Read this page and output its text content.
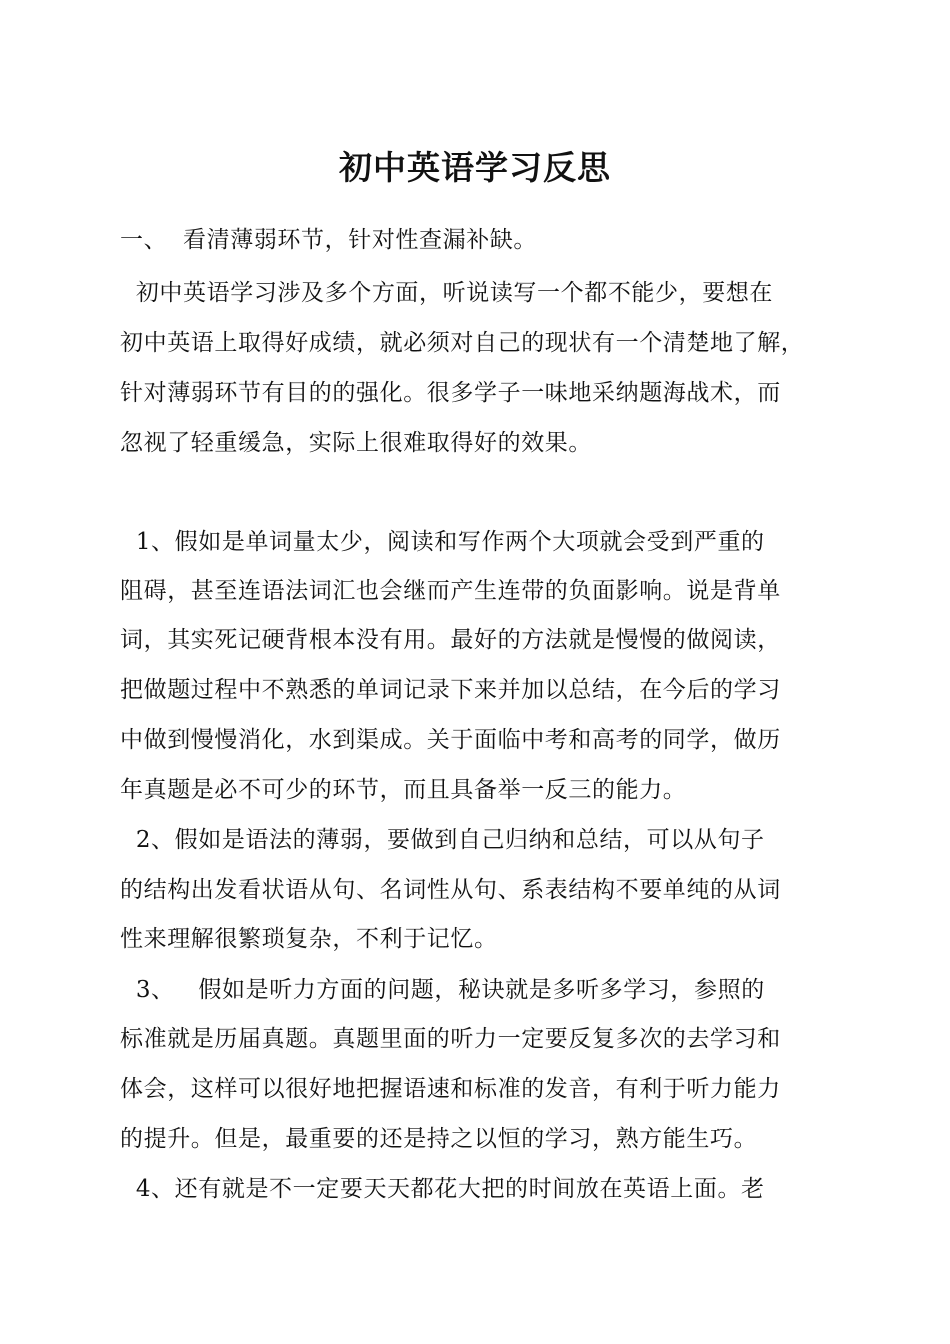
初中英语学习反思
一、  看清薄弱环节，针对性查漏补缺。
初中英语学习涉及多个方面，听说读写一个都不能少，要想在
初中英语上取得好成绩，就必须对自己的现状有一个清楚地了解，
针对薄弱环节有目的的强化。很多学子一味地采纳题海战术，而
忽视了轻重缓急，实际上很难取得好的效果。
1、假如是单词量太少，阅读和写作两个大项就会受到严重的
阻碍，甚至连语法词汇也会继而产生连带的负面影响。说是背单
词，其实死记硬背根本没有用。最好的方法就是慢慢的做阅读，
把做题过程中不熟悉的单词记录下来并加以总结，在今后的学习
中做到慢慢消化，水到渠成。关于面临中考和高考的同学，做历
年真题是必不可少的环节，而且具备举一反三的能力。
2、假如是语法的薄弱，要做到自己归纳和总结，可以从句子
的结构出发看状语从句、名词性从句、系表结构不要单纯的从词
性来理解很繁琐复杂，不利于记忆。
3、   假如是听力方面的问题，秘诀就是多听多学习，参照的
标准就是历届真题。真题里面的听力一定要反复多次的去学习和
体会，这样可以很好地把握语速和标准的发音，有利于听力能力
的提升。但是，最重要的还是持之以恒的学习，熟方能生巧。
4、还有就是不一定要天天都花大把的时间放在英语上面。老
